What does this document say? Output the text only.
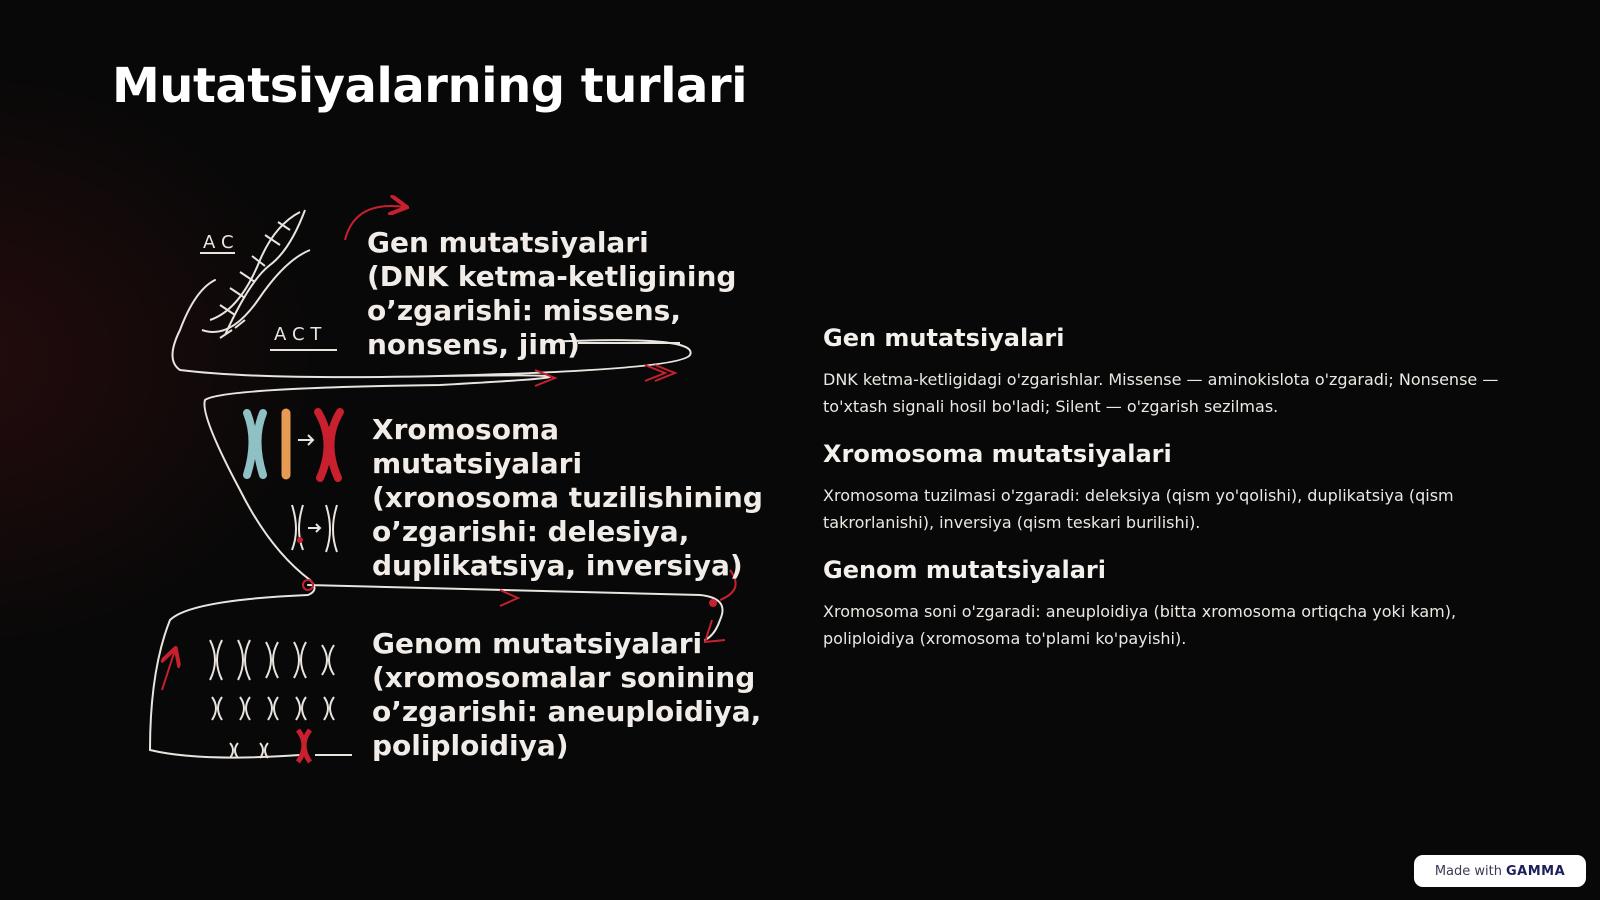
Mutatsiyalarning turlari
A C
A C T

Gen mutatsiyalari
(DNK ketma-ketligining
o’zgarishi: missens,
nonsens, jim)

Xromosoma
mutatsiyalari
(xronosoma tuzilishining
o’zgarishi: delesiya,
duplikatsiya, inversiya)

Genom mutatsiyalari
(xromosomalar sonining
o’zgarishi: aneuploidiya,
poliploidiya)

Gen mutatsiyalari

DNK ketma-ketligidagi o'zgarishlar. Missense — aminokislota o'zgaradi; Nonsense — to'xtash signali hosil bo'ladi; Silent — o'zgarish sezilmas.

Xromosoma mutatsiyalari

Xromosoma tuzilmasi o'zgaradi: deleksiya (qism yo'qolishi), duplikatsiya (qism takrorlanishi), inversiya (qism teskari burilishi).

Genom mutatsiyalari

Xromosoma soni o'zgaradi: aneuploidiya (bitta xromosoma ortiqcha yoki kam), poliploidiya (xromosoma to'plami ko'payishi).

Made with GAMMA
